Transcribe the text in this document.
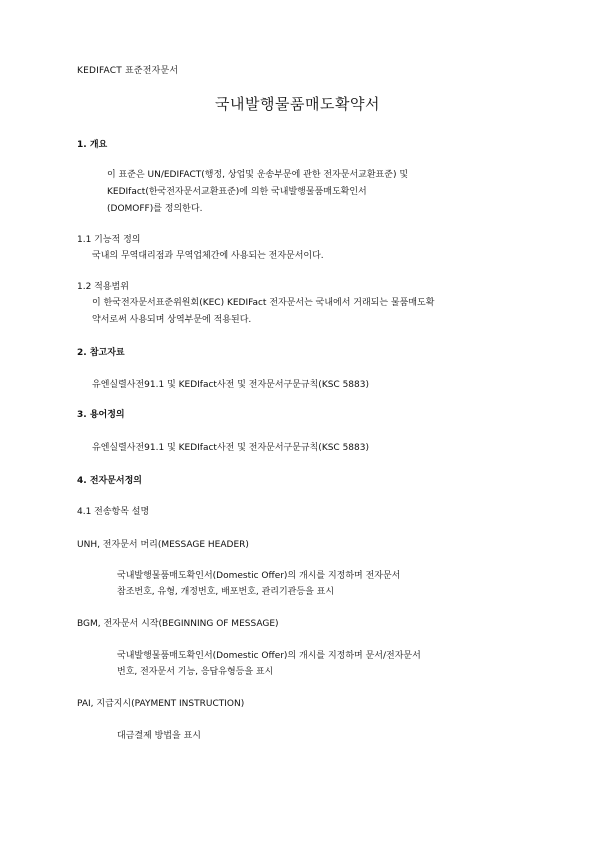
KEDIFACT 표준전자문서
국내발행물품매도확약서
1. 개요
이 표준은 UN/EDIFACT(행정, 상업및 운송부문에 관한 전자문서교환표준) 및
KEDIfact(한국전자문서교환표준)에 의한 국내발행물품매도확인서
(DOMOFF)를 정의한다.
1.1 기능적 정의
국내의 무역대리점과 무역업체간에 사용되는 전자문서이다.
1.2 적용범위
이 한국전자문서표준위원회(KEC) KEDIFact 전자문서는 국내에서 거래되는 물품매도확
약서로써 사용되며 상역부문에 적용된다.
2. 참고자료
유엔실렬사전91.1 및 KEDIfact사전 및 전자문서구문규칙(KSC 5883)
3. 용어정의
유엔실렬사전91.1 및 KEDIfact사전 및 전자문서구문규칙(KSC 5883)
4. 전자문서정의
4.1 전송항목 설명
UNH, 전자문서 머리(MESSAGE HEADER)
국내발행물품매도확인서(Domestic Offer)의 개시를 지정하며 전자문서
참조번호, 유형, 개정번호, 배포번호, 관리기관등을 표시
BGM, 전자문서 시작(BEGINNING OF MESSAGE)
국내발행물품매도확인서(Domestic Offer)의 개시를 지정하며 문서/전자문서
번호, 전자문서 기능, 응답유형등을 표시
PAI, 지급지시(PAYMENT INSTRUCTION)
대금결제 방법을 표시
